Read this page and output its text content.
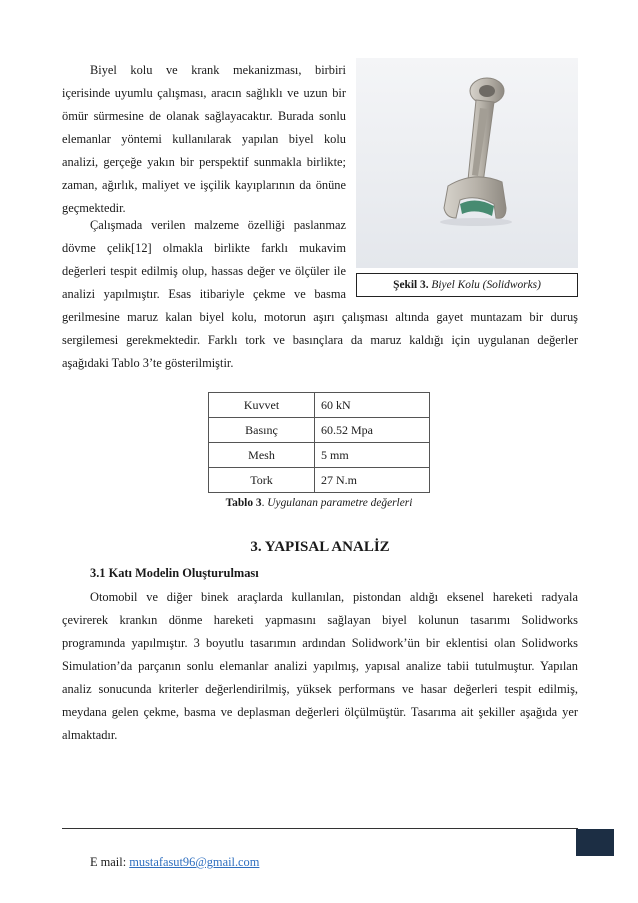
Biyel kolu ve krank mekanizması, birbiri
içerisinde uyumlu çalışması, aracın sağlıklı ve uzun bir
ömür sürmesine de olanak sağlayacaktır. Burada sonlu
elemanlar yöntemi kullanılarak yapılan biyel kolu
analizi, gerçeğe yakın bir perspektif sunmakla birlikte;
zaman, ağırlık, maliyet ve işçilik kayıplarının da önüne
geçmektedir.
Çalışmada verilen malzeme özelliği paslanmaz
dövme çelik[12] olmakla birlikte farklı mukavim
değerleri tespit edilmiş olup, hassas değer ve ölçüler ile
analizi yapılmıştır. Esas itibariyle çekme ve basma
gerilmesine maruz kalan biyel kolu, motorun aşırı çalışması altında gayet muntazam bir duruş
sergilemesi gerekmektedir. Farklı tork ve basınçlara da maruz kaldığı için uygulanan değerler
aşağıdaki Tablo 3’te gösterilmiştir.
Şekil 3. Biyel Kolu (Solidworks)
Kuvvet	60 kN
Basınç	60.52 Mpa
Mesh	5 mm
Tork	27 N.m
Tablo 3. Uygulanan parametre değerleri
3. YAPISAL ANALİZ
3.1 Katı Modelin Oluşturulması
Otomobil ve diğer binek araçlarda kullanılan, pistondan aldığı eksenel hareketi radyala
çevirerek krankın dönme hareketi yapmasını sağlayan biyel kolunun tasarımı Solidworks
programında yapılmıştır. 3 boyutlu tasarımın ardından Solidwork’ün bir eklentisi olan Solidworks
Simulation’da parçanın sonlu elemanlar analizi yapılmış, yapısal analize tabii tutulmuştur. Yapılan
analiz sonucunda kriterler değerlendirilmiş, yüksek performans ve hasar değerleri tespit edilmiş,
meydana gelen çekme, basma ve deplasman değerleri ölçülmüştür. Tasarıma ait şekiller aşağıda yer
almaktadır.
E mail: mustafasut96@gmail.com
